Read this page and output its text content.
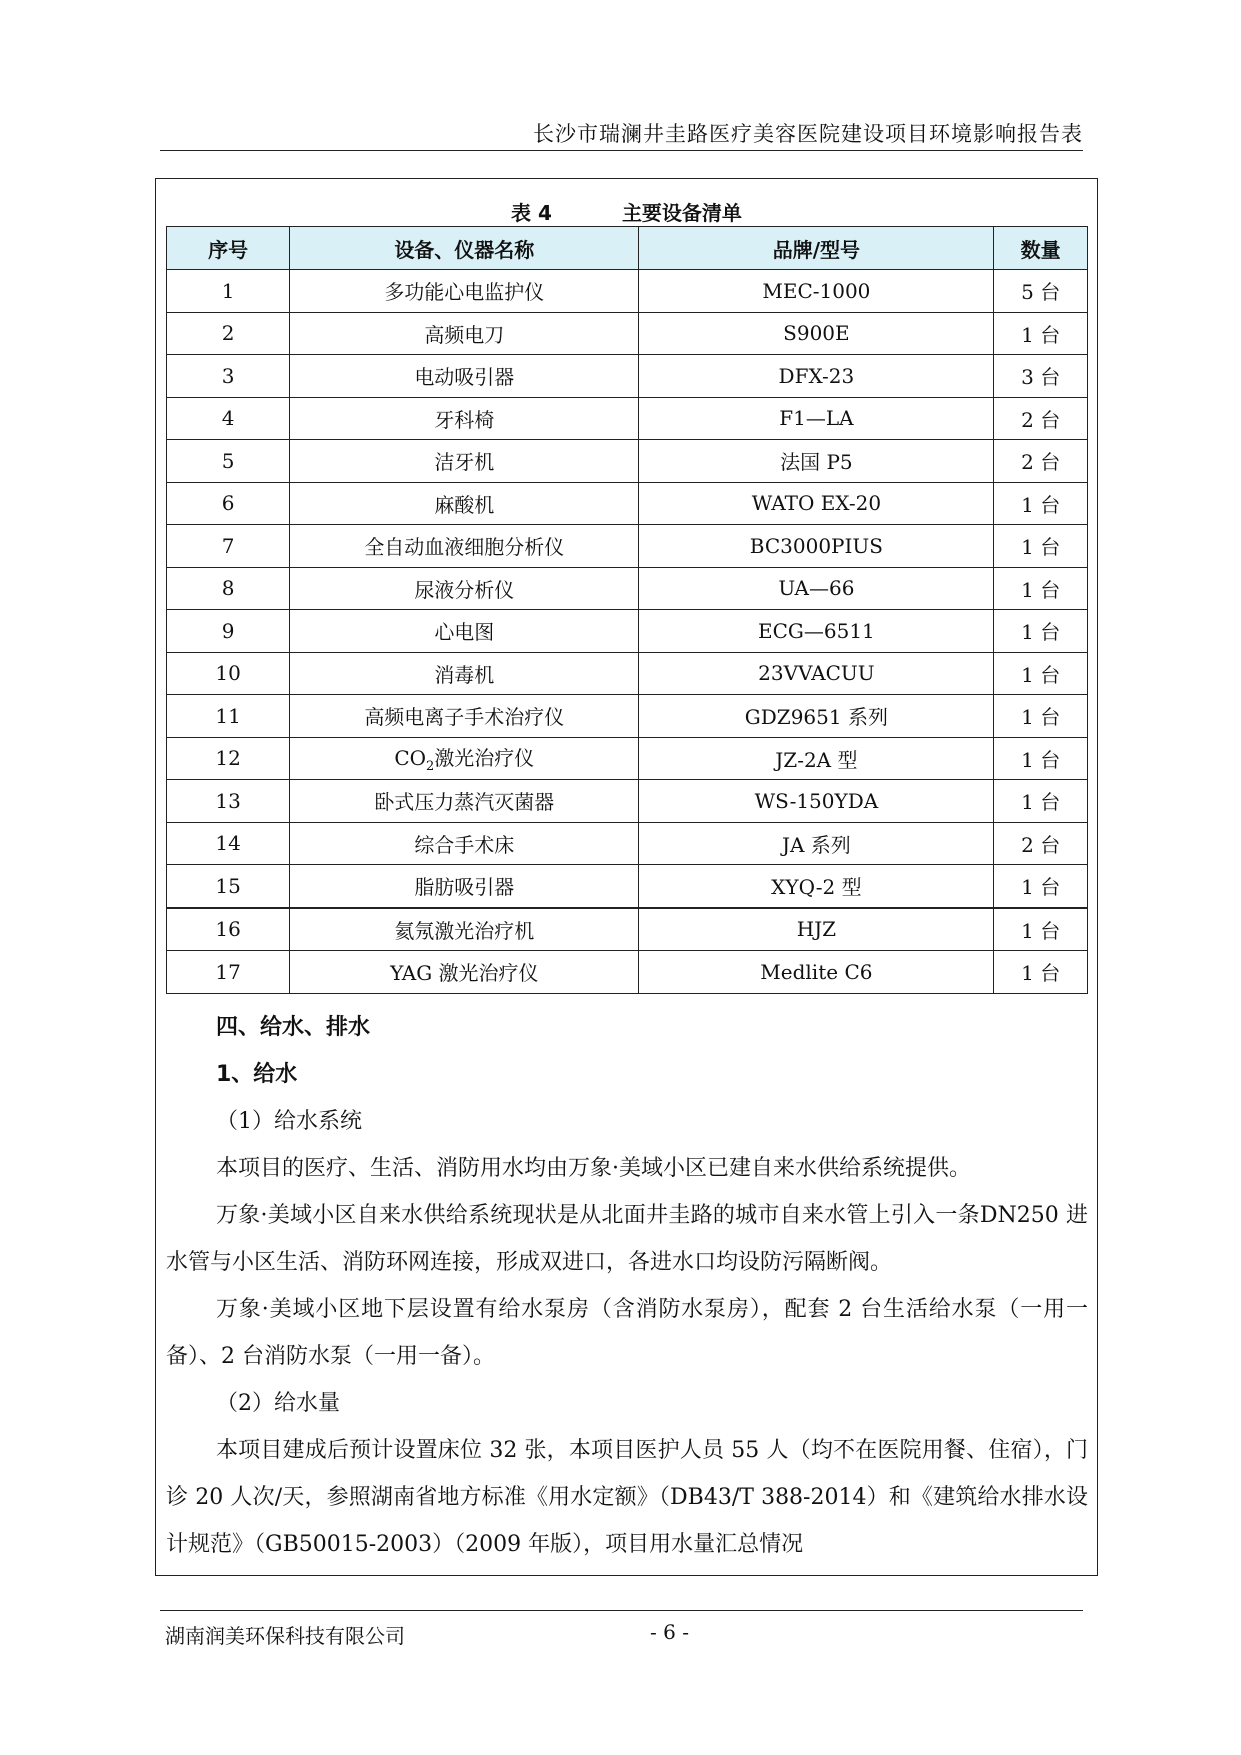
长沙市瑞澜井圭路医疗美容医院建设项目环境影响报告表
表 4	主要设备清单
序号	设备、仪器名称	品牌/型号	数量
1	多功能心电监护仪	MEC-1000	5 台
2	高频电刀	S900E	1 台
3	电动吸引器	DFX-23	3 台
4	牙科椅	F1—LA	2 台
5	洁牙机	法国 P5	2 台
6	麻酸机	WATO EX-20	1 台
7	全自动血液细胞分析仪	BC3000PIUS	1 台
8	尿液分析仪	UA—66	1 台
9	心电图	ECG—6511	1 台
10	消毒机	23VVACUU	1 台
11	高频电离子手术治疗仪	GDZ9651 系列	1 台
12	$CO_2$激光治疗仪	JZ-2A 型	1 台
13	卧式压力蒸汽灭菌器	WS-150YDA	1 台
14	综合手术床	JA 系列	2 台
15	脂肪吸引器	XYQ-2 型	1 台
16	氦氖激光治疗机	HJZ	1 台
17	YAG 激光治疗仪	Medlite C6	1 台
四、给水、排水
1、给水
（1）给水系统

本项目的医疗、生活、消防用水均由万象·美域小区已建自来水供给系统提供。

万象·美域小区自来水供给系统现状是从北面井圭路的城市自来水管上引入一条DN250 进水管与小区生活、消防环网连接，形成双进口，各进水口均设防污隔断阀。

万象·美域小区地下层设置有给水泵房（含消防水泵房），配套 2 台生活给水泵（一用一备）、2 台消防水泵（一用一备）。

（2）给水量

本项目建成后预计设置床位 32 张，本项目医护人员 55 人（均不在医院用餐、住宿），门诊 20 人次/天，参照湖南省地方标准《用水定额》（DB43/T 388-2014）和《建筑给水排水设计规范》（GB50015-2003）（2009 年版），项目用水量汇总情况

湖南润美环保科技有限公司	- 6 -
